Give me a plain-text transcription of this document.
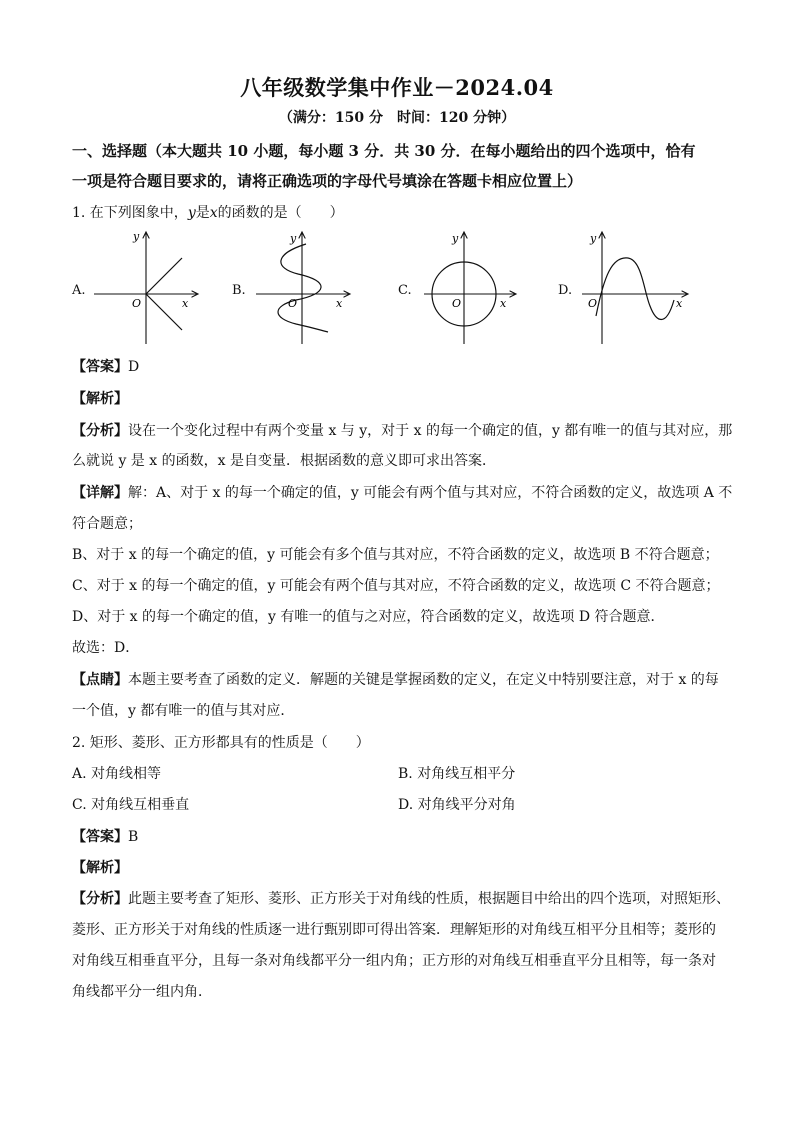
八年级数学集中作业－2024.04
（满分：150 分　时间：120 分钟）
一、选择题（本大题共 10 小题，每小题 3 分．共 30 分．在每小题给出的四个选项中，恰有
一项是符合题目要求的，请将正确选项的字母代号填涂在答题卡相应位置上）
1. 在下列图象中，y是x的函数的是（　　）
A.
y
x
O
B.
y
x
O
C.
y
x
O
D.
y
x
O
【答案】D
【解析】
【分析】设在一个变化过程中有两个变量 x 与 y，对于 x 的每一个确定的值，y 都有唯一的值与其对应，那
么就说 y 是 x 的函数，x 是自变量．根据函数的意义即可求出答案．
【详解】解：A、对于 x 的每一个确定的值，y 可能会有两个值与其对应，不符合函数的定义，故选项 A 不
符合题意；
B、对于 x 的每一个确定的值，y 可能会有多个值与其对应，不符合函数的定义，故选项 B 不符合题意；
C、对于 x 的每一个确定的值，y 可能会有两个值与其对应，不符合函数的定义，故选项 C 不符合题意；
D、对于 x 的每一个确定的值，y 有唯一的值与之对应，符合函数的定义，故选项 D 符合题意．
故选：D．
【点睛】本题主要考查了函数的定义．解题的关键是掌握函数的定义，在定义中特别要注意，对于 x 的每
一个值，y 都有唯一的值与其对应．
2. 矩形、菱形、正方形都具有的性质是（　　）
A. 对角线相等	B. 对角线互相平分
C. 对角线互相垂直	D. 对角线平分对角
【答案】B
【解析】
【分析】此题主要考查了矩形、菱形、正方形关于对角线的性质，根据题目中给出的四个选项，对照矩形、
菱形、正方形关于对角线的性质逐一进行甄别即可得出答案．理解矩形的对角线互相平分且相等；菱形的
对角线互相垂直平分，且每一条对角线都平分一组内角；正方形的对角线互相垂直平分且相等，每一条对
角线都平分一组内角．
